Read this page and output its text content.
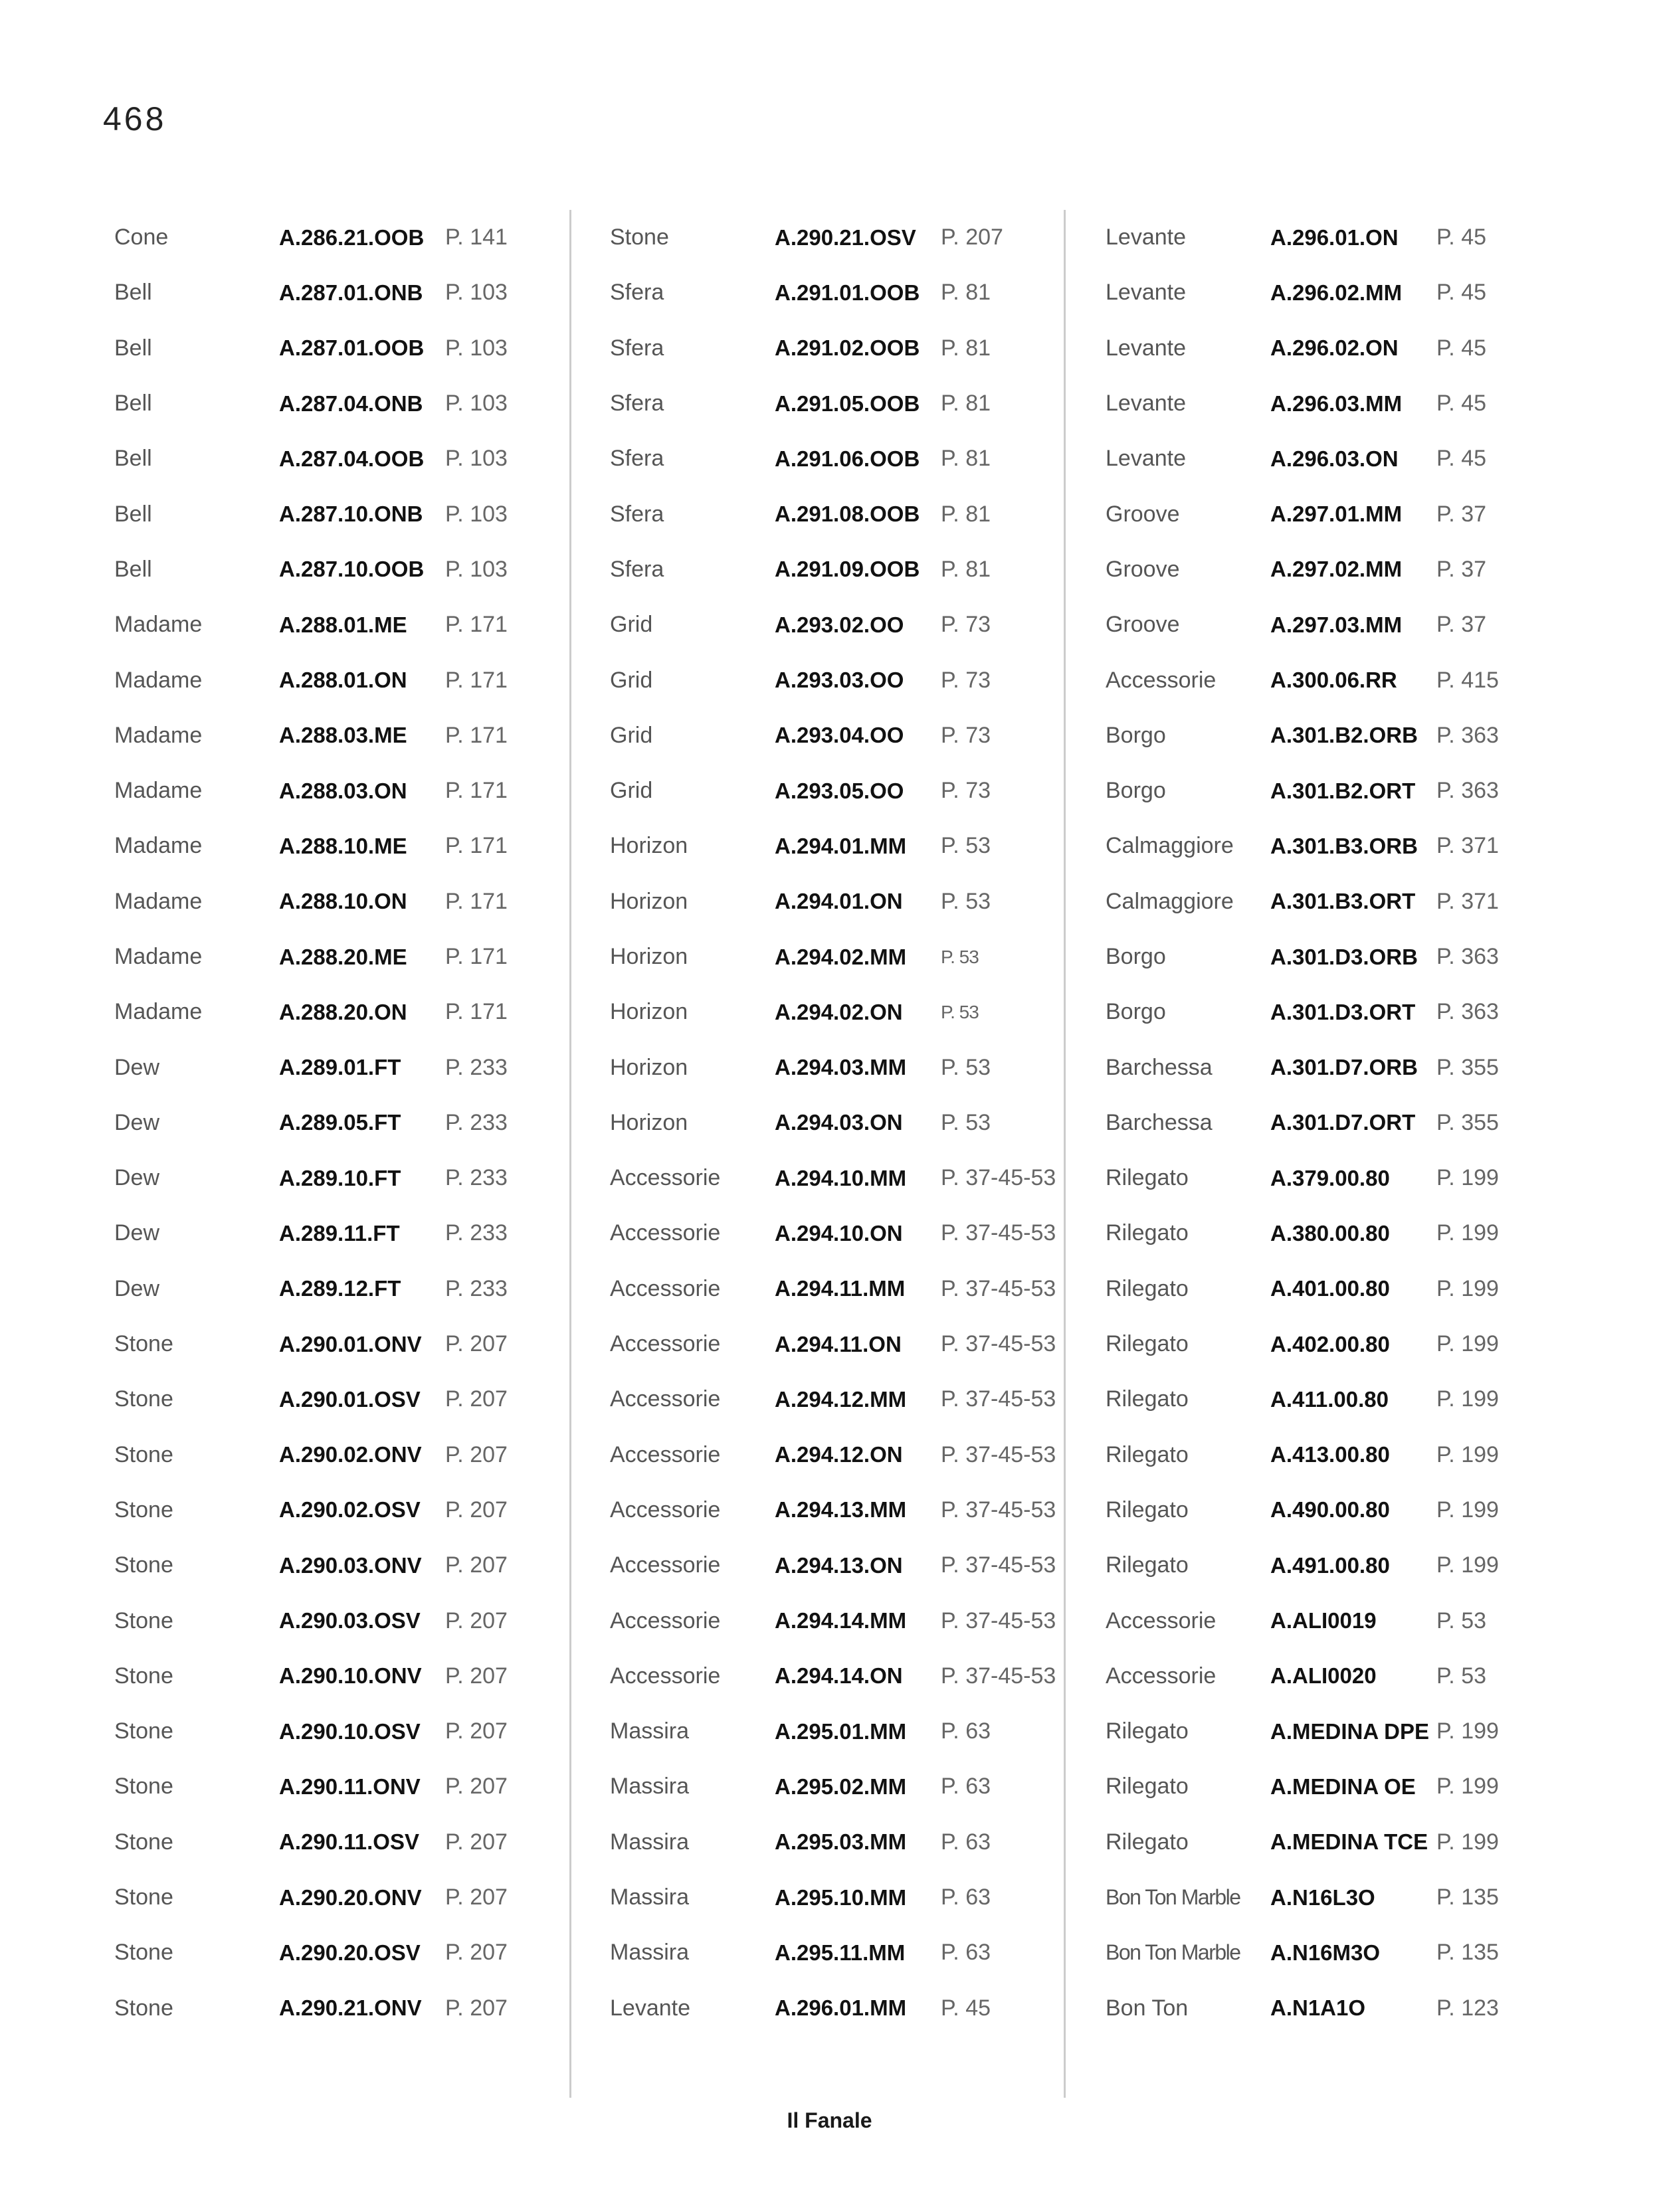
468
Cone	A.286.21.OOB P. 141
Bell	A.287.01.ONB P. 103
Bell	A.287.01.OOB P. 103
Bell	A.287.04.ONB P. 103
Bell	A.287.04.OOB P. 103
Bell	A.287.10.ONB P. 103
Bell	A.287.10.OOB P. 103
Madame	A.288.01.ME	P. 171
Madame	A.288.01.ON	P. 171
Madame	A.288.03.ME	P. 171
Madame	A.288.03.ON	P. 171
Madame	A.288.10.ME	P. 171
Madame	A.288.10.ON	P. 171
Madame	A.288.20.ME	P. 171
Madame	A.288.20.ON	P. 171
Dew	A.289.01.FT	P. 233
Dew	A.289.05.FT	P. 233
Dew	A.289.10.FT	P. 233
Dew	A.289.11.FT	P. 233
Dew	A.289.12.FT	P. 233
Stone	A.290.01.ONV	P. 207
Stone	A.290.01.OSV	P. 207
Stone	A.290.02.ONV	P. 207
Stone	A.290.02.OSV	P. 207
Stone	A.290.03.ONV	P. 207
Stone	A.290.03.OSV	P. 207
Stone	A.290.10.ONV	P. 207
Stone	A.290.10.OSV	P. 207
Stone	A.290.11.ONV	P. 207
Stone	A.290.11.OSV	P. 207
Stone	A.290.20.ONV	P. 207
Stone	A.290.20.OSV	P. 207
Stone	A.290.21.ONV	P. 207
Stone	A.290.21.OSV	P. 207
Sfera	A.291.01.OOB P. 81
Sfera	A.291.02.OOB P. 81
Sfera	A.291.05.OOB P. 81
Sfera	A.291.06.OOB P. 81
Sfera	A.291.08.OOB P. 81
Sfera	A.291.09.OOB P. 81
Grid	A.293.02.OO	P. 73
Grid	A.293.03.OO	P. 73
Grid	A.293.04.OO	P. 73
Grid	A.293.05.OO	P. 73
Horizon	A.294.01.MM	P. 53
Horizon	A.294.01.ON	P. 53
Horizon	A.294.02.MM	P. 53
Horizon	A.294.02.ON	P. 53
Horizon	A.294.03.MM	P. 53
Horizon	A.294.03.ON	P. 53
Accessorie	A.294.10.MM	P. 37-45-53
Accessorie	A.294.10.ON	P. 37-45-53
Accessorie	A.294.11.MM	P. 37-45-53
Accessorie	A.294.11.ON	P. 37-45-53
Accessorie	A.294.12.MM	P. 37-45-53
Accessorie	A.294.12.ON	P. 37-45-53
Accessorie	A.294.13.MM	P. 37-45-53
Accessorie	A.294.13.ON	P. 37-45-53
Accessorie	A.294.14.MM	P. 37-45-53
Accessorie	A.294.14.ON	P. 37-45-53
Massira	A.295.01.MM	P. 63
Massira	A.295.02.MM	P. 63
Massira	A.295.03.MM	P. 63
Massira	A.295.10.MM	P. 63
Massira	A.295.11.MM	P. 63
Levante	A.296.01.MM	P. 45
Levante	A.296.01.ON	P. 45
Levante	A.296.02.MM	P. 45
Levante	A.296.02.ON	P. 45
Levante	A.296.03.MM	P. 45
Levante	A.296.03.ON	P. 45
Groove	A.297.01.MM	P. 37
Groove	A.297.02.MM	P. 37
Groove	A.297.03.MM	P. 37
Accessorie	A.300.06.RR	P. 415
Borgo	A.301.B2.ORB P. 363
Borgo	A.301.B2.ORT P. 363
Calmaggiore	A.301.B3.ORB P. 371
Calmaggiore	A.301.B3.ORT P. 371
Borgo	A.301.D3.ORB P. 363
Borgo	A.301.D3.ORT P. 363
Barchessa	A.301.D7.ORB P. 355
Barchessa	A.301.D7.ORT P. 355
Rilegato	A.379.00.80	P. 199
Rilegato	A.380.00.80	P. 199
Rilegato	A.401.00.80	P. 199
Rilegato	A.402.00.80	P. 199
Rilegato	A.411.00.80	P. 199
Rilegato	A.413.00.80	P. 199
Rilegato	A.490.00.80	P. 199
Rilegato	A.491.00.80	P. 199
Accessorie	A.ALI0019	P. 53
Accessorie	A.ALI0020	P. 53
Rilegato	A.MEDINA DPE P. 199
Rilegato	A.MEDINA OE P. 199
Rilegato	A.MEDINA TCE P. 199
Bon Ton Marble	A.N16L3O	P. 135
Bon Ton Marble	A.N16M3O	P. 135
Bon Ton	A.N1A1O	P. 123
Il Fanale
